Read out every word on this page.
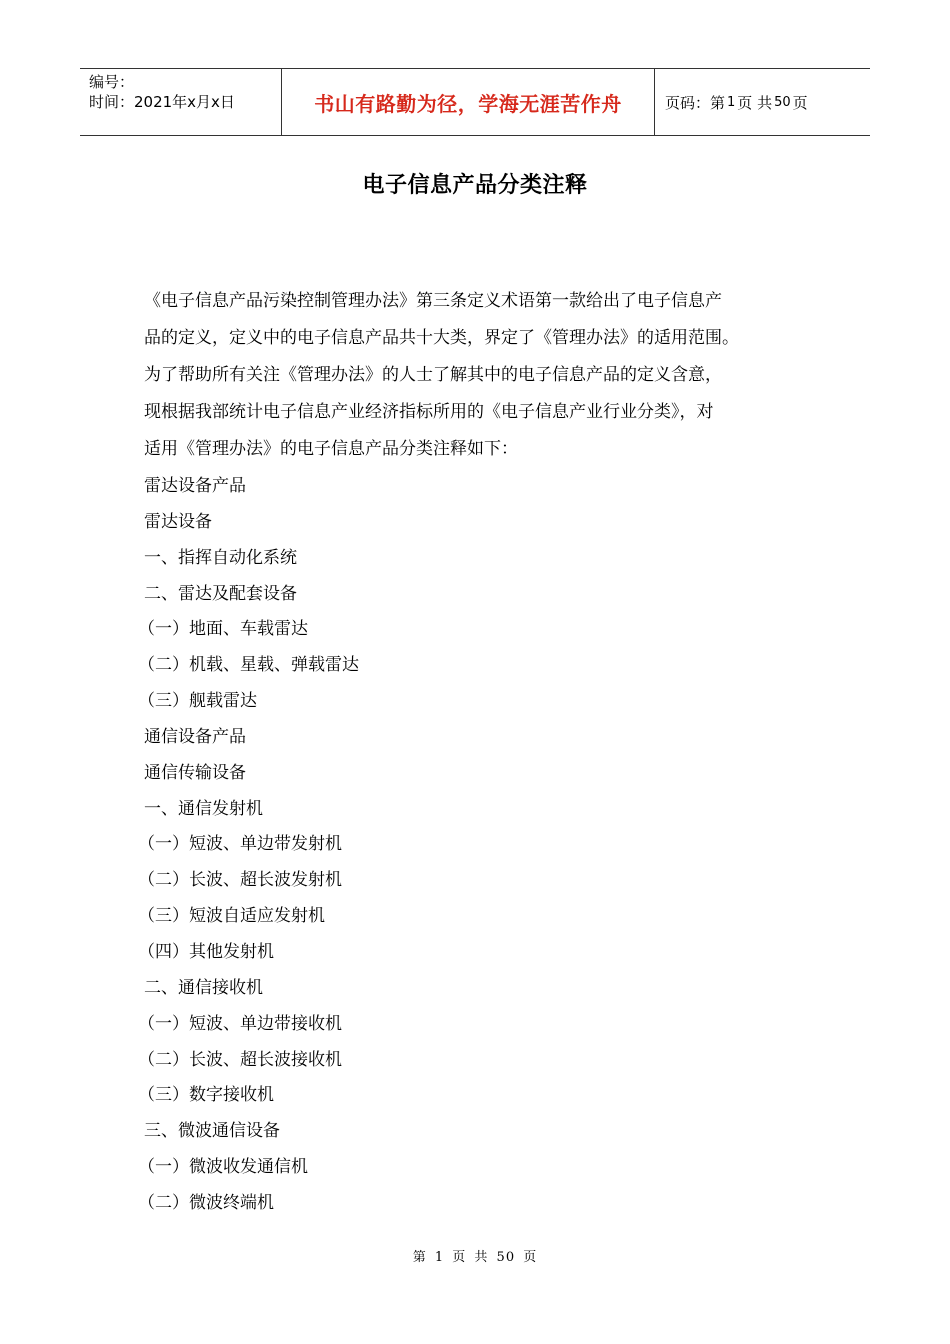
编号：
时间：2021年x月x日	书山有路勤为径，学海无涯苦作舟	页码：第 1 页 共 50 页
电子信息产品分类注释

《电子信息产品污染控制管理办法》第三条定义术语第一款给出了电子信息产

品的定义，定义中的电子信息产品共十大类，界定了《管理办法》的适用范围。

为了帮助所有关注《管理办法》的人士了解其中的电子信息产品的定义含意，

现根据我部统计电子信息产业经济指标所用的《电子信息产业行业分类》，对

适用《管理办法》的电子信息产品分类注释如下：

雷达设备产品
雷达设备
一、指挥自动化系统
二、雷达及配套设备
（一）地面、车载雷达
（二）机载、星载、弹载雷达
（三）舰载雷达
通信设备产品
通信传输设备
一、通信发射机
（一）短波、单边带发射机
（二）长波、超长波发射机
（三）短波自适应发射机
（四）其他发射机
二、通信接收机
（一）短波、单边带接收机
（二）长波、超长波接收机
（三）数字接收机
三、微波通信设备
（一）微波收发通信机
（二）微波终端机
第 1 页 共 50 页
